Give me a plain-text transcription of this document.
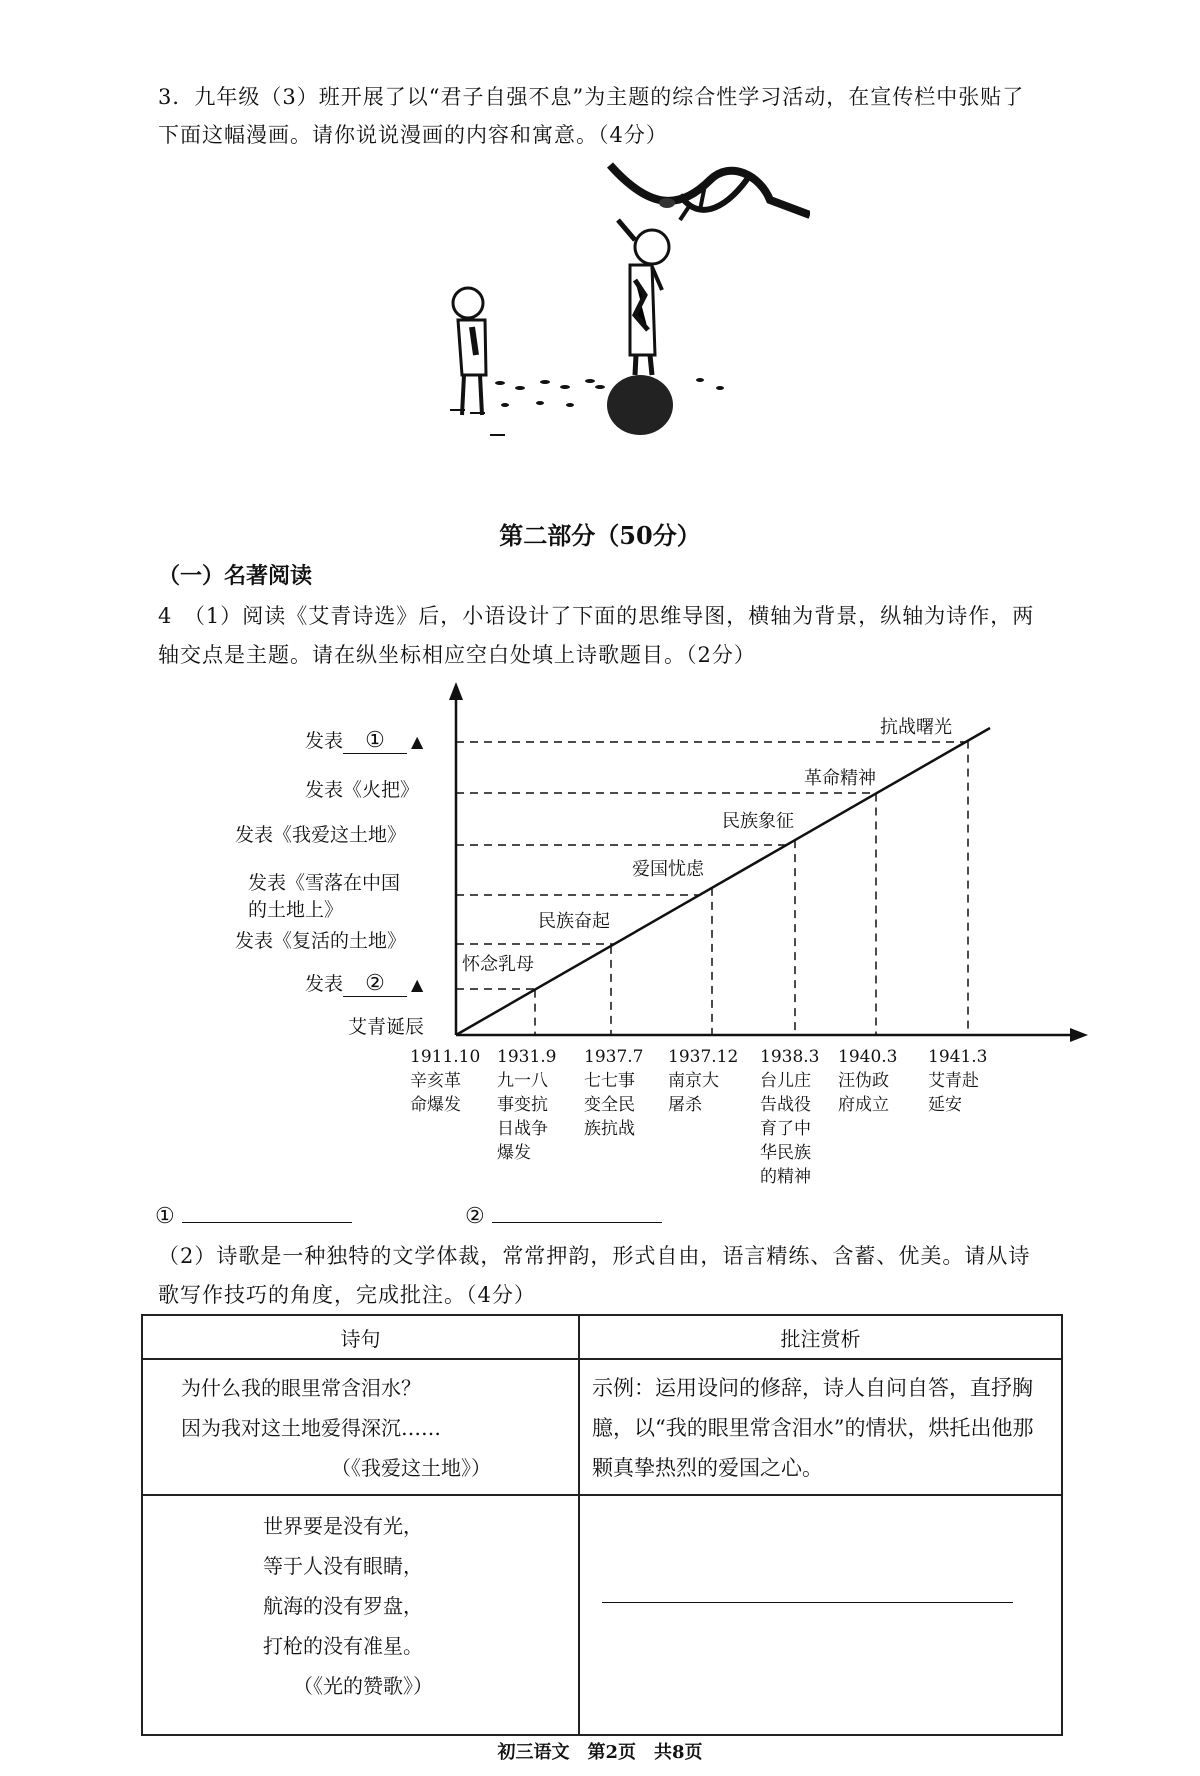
3．九年级（3）班开展了以“君子自强不息”为主题的综合性学习活动，在宣传栏中张贴了
下面这幅漫画。请你说说漫画的内容和寓意。（4分）
第二部分（50分）
（一）名著阅读
4　（1）阅读《艾青诗选》后，小语设计了下面的思维导图，横轴为背景，纵轴为诗作，两
轴交点是主题。请在纵坐标相应空白处填上诗歌题目。（2分）
发表 ① ▲
发表《火把》
发表《我爱这土地》
发表《雪落在中国
的土地上》
发表《复活的土地》
发表 ② ▲
艾青诞辰
怀念乳母
民族奋起
爱国忧虑
民族象征
革命精神
抗战曙光
1911.10
辛亥革
命爆发
1931.9
九一八
事变抗
日战争
爆发
1937.7
七七事
变全民
族抗战
1937.12
南京大
屠杀
1938.3
台儿庄
告战役
育了中
华民族
的精神
1940.3
汪伪政
府成立
1941.3
艾青赴
延安
①	②
（2）诗歌是一种独特的文学体裁，常常押韵，形式自由，语言精练、含蓄、优美。请从诗
歌写作技巧的角度，完成批注。（4分）
诗句	批注赏析

为什么我的眼里常含泪水？
因为我对这土地爱得深沉……
（《我爱这土地》）	示例：运用设问的修辞，诗人自问自答，直抒胸臆，以“我的眼里常含泪水”的情状，烘托出他那颗真挚热烈的爱国之心。

世界要是没有光，
等于人没有眼睛，
航海的没有罗盘，
打枪的没有准星。
（《光的赞歌》）	

初三语文　第2页　共8页
